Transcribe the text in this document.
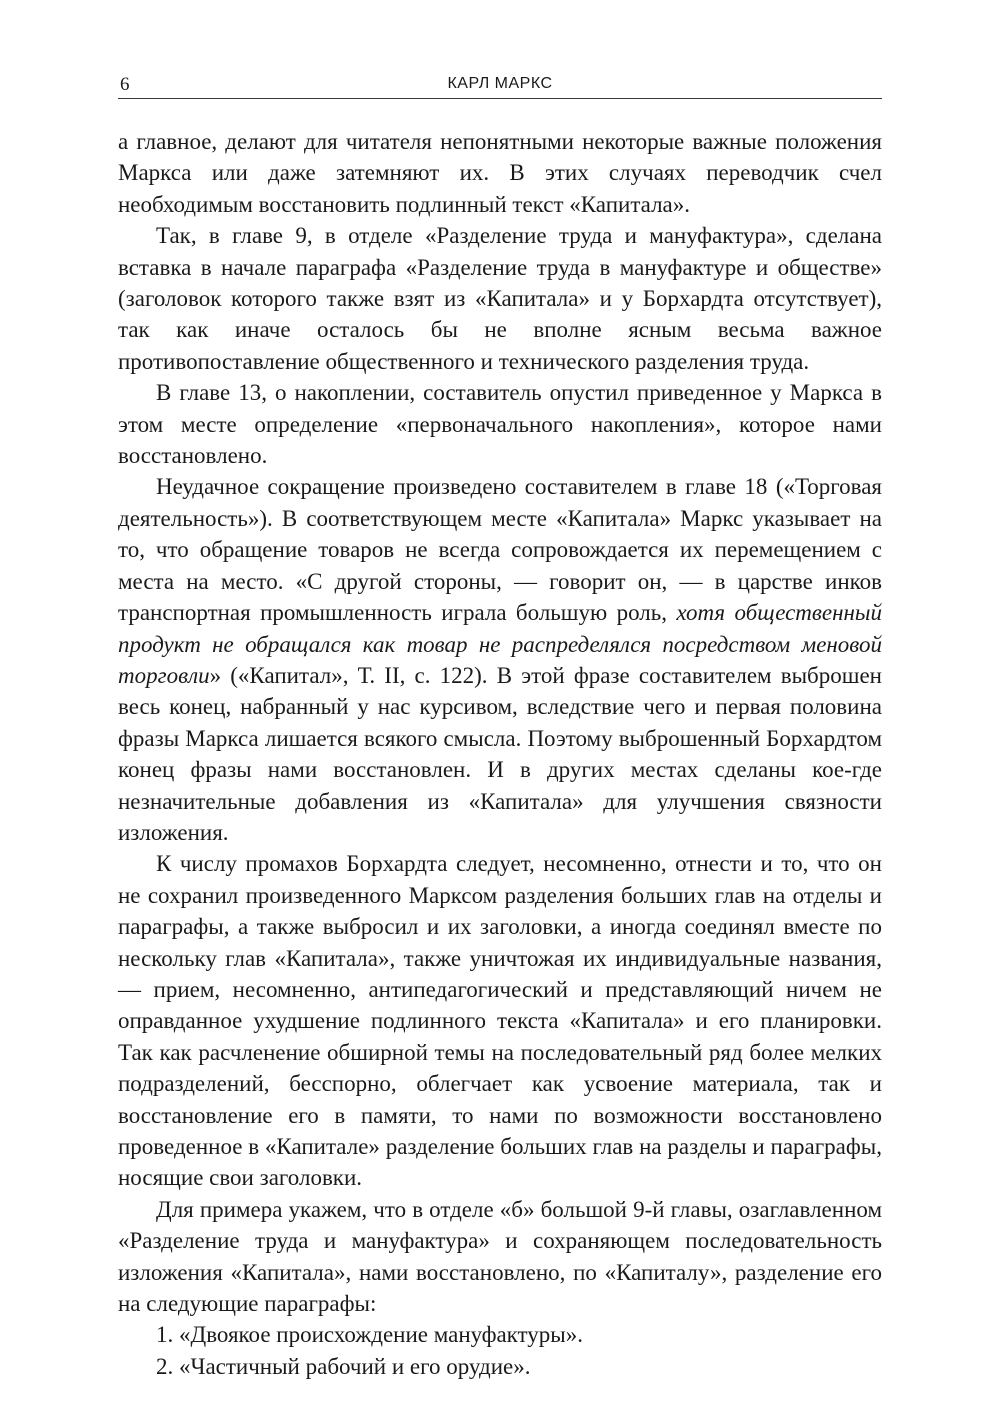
6	КАРЛ МАРКС

а главное, делают для читателя непонятными некоторые важные положения Маркса или даже затемняют их. В этих случаях переводчик счел необходимым восстановить подлинный текст «Капитала».

Так, в главе 9, в отделе «Разделение труда и мануфактура», сделана вставка в начале параграфа «Разделение труда в мануфактуре и обществе» (заголовок которого также взят из «Капитала» и у Борхардта отсутствует), так как иначе осталось бы не вполне ясным весьма важное противопоставление общественного и технического разделения труда.

В главе 13, о накоплении, составитель опустил приведенное у Маркса в этом месте определение «первоначального накопления», которое нами восстановлено.

Неудачное сокращение произведено составителем в главе 18 («Торговая деятельность»). В соответствующем месте «Капитала» Маркс указывает на то, что обращение товаров не всегда сопровождается их перемещением с места на место. «С другой стороны, — говорит он, — в царстве инков транспортная промышленность играла большую роль, хотя общественный продукт не обращался как товар не распределялся посредством меновой торговли» («Капитал», Т. II, с. 122). В этой фразе составителем выброшен весь конец, набранный у нас курсивом, вследствие чего и первая половина фразы Маркса лишается всякого смысла. Поэтому выброшенный Борхардтом конец фразы нами восстановлен. И в других местах сделаны кое-где незначительные добавления из «Капитала» для улучшения связности изложения.

К числу промахов Борхардта следует, несомненно, отнести и то, что он не сохранил произведенного Марксом разделения больших глав на отделы и параграфы, а также выбросил и их заголовки, а иногда соединял вместе по нескольку глав «Капитала», также уничтожая их индивидуальные названия, — прием, несомненно, антипедагогический и представляющий ничем не оправданное ухудшение подлинного текста «Капитала» и его планировки. Так как расчленение обширной темы на последовательный ряд более мелких подразделений, бесспорно, облегчает как усвоение материала, так и восстановление его в памяти, то нами по возможности восстановлено проведенное в «Капитале» разделение больших глав на разделы и параграфы, носящие свои заголовки.

Для примера укажем, что в отделе «б» большой 9-й главы, озаглавленном «Разделение труда и мануфактура» и сохраняющем последовательность изложения «Капитала», нами восстановлено, по «Капиталу», разделение его на следующие параграфы:

1. «Двоякое происхождение мануфактуры».

2. «Частичный рабочий и его орудие».
